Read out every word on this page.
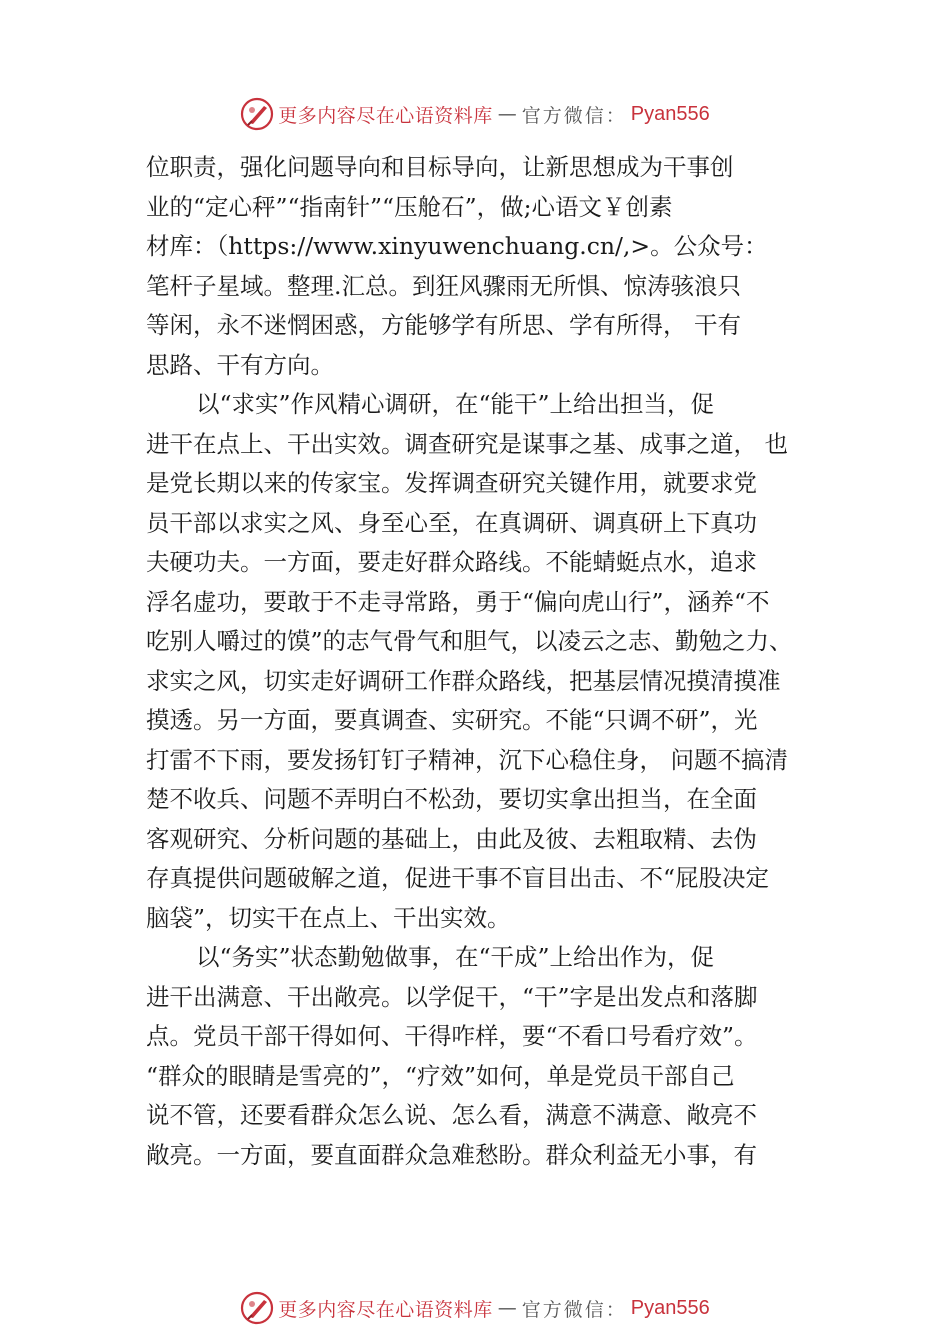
更多内容尽在心语资料库 — 官方微信： Pyan556

位职责，强化问题导向和目标导向，让新思想成为干事创
业的“定心秤”“指南针”“压舱石”，做;心语文￥创素
材库：（https://www.xinyuwenchuang.cn/,>。公众号：
笔杆子星域。整理.汇总。到狂风骤雨无所惧、惊涛骇浪只
等闲，永不迷惘困惑，方能够学有所思、学有所得， 干有
思路、干有方向。

以“求实”作风精心调研，在“能干”上给出担当，促
进干在点上、干出实效。调查研究是谋事之基、成事之道， 也
是党长期以来的传家宝。发挥调查研究关键作用，就要求党
员干部以求实之风、身至心至，在真调研、调真研上下真功
夫硬功夫。一方面，要走好群众路线。不能蜻蜓点水，追求
浮名虚功，要敢于不走寻常路，勇于“偏向虎山行”，涵养“不
吃别人嚼过的馍”的志气骨气和胆气，以凌云之志、勤勉之力、
求实之风，切实走好调研工作群众路线，把基层情况摸清摸准
摸透。另一方面，要真调查、实研究。不能“只调不研”，光
打雷不下雨，要发扬钉钉子精神，沉下心稳住身， 问题不搞清
楚不收兵、问题不弄明白不松劲，要切实拿出担当，在全面
客观研究、分析问题的基础上，由此及彼、去粗取精、去伪
存真提供问题破解之道，促进干事不盲目出击、不“屁股决定
脑袋”，切实干在点上、干出实效。

以“务实”状态勤勉做事，在“干成”上给出作为，促
进干出满意、干出敞亮。以学促干，“干”字是出发点和落脚
点。党员干部干得如何、干得咋样，要“不看口号看疗效”。
“群众的眼睛是雪亮的”，“疗效”如何，单是党员干部自己
说不管，还要看群众怎么说、怎么看，满意不满意、敞亮不
敞亮。一方面，要直面群众急难愁盼。群众利益无小事，有

更多内容尽在心语资料库 — 官方微信： Pyan556
